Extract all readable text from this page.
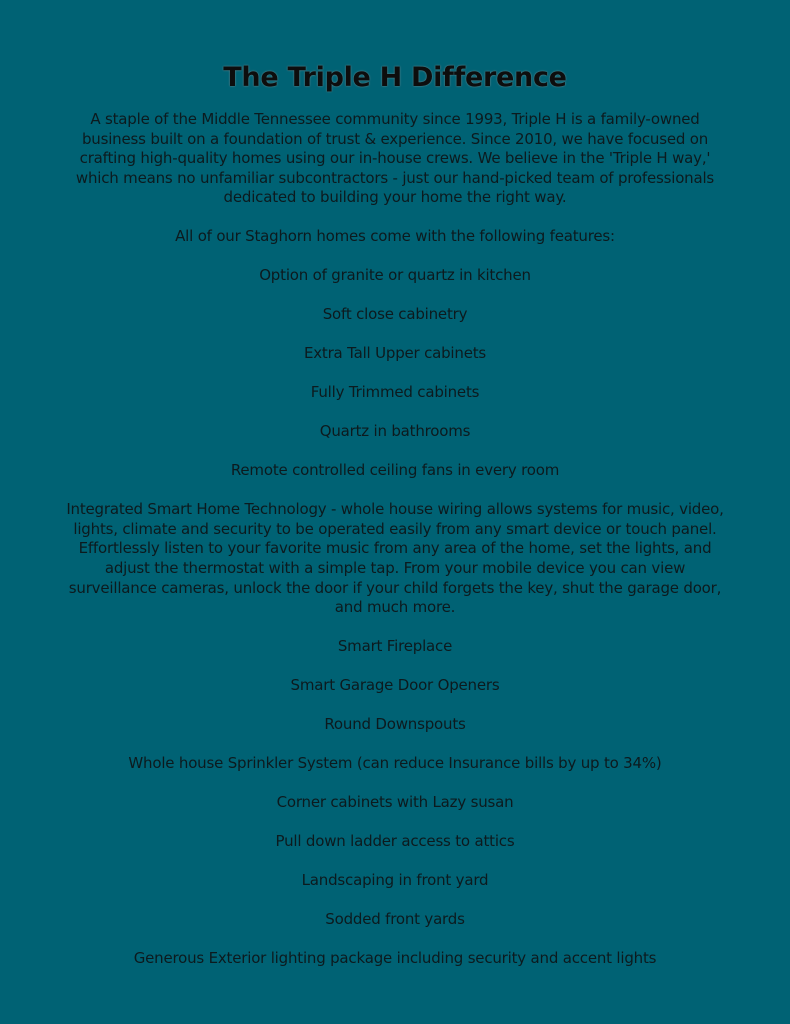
The Triple H Difference

A staple of the Middle Tennessee community since 1993, Triple H is a family-owned business built on a foundation of trust & experience. Since 2010, we have focused on crafting high-quality homes using our in-house crews. We believe in the 'Triple H way,' which means no unfamiliar subcontractors - just our hand-picked team of professionals dedicated to building your home the right way.

All of our Staghorn homes come with the following features:

Option of granite or quartz in kitchen

Soft close cabinetry

Extra Tall Upper cabinets

Fully Trimmed cabinets

Quartz in bathrooms

Remote controlled ceiling fans in every room

Integrated Smart Home Technology - whole house wiring allows systems for music, video, lights, climate and security to be operated easily from any smart device or touch panel. Effortlessly listen to your favorite music from any area of the home, set the lights, and adjust the thermostat with a simple tap. From your mobile device you can view surveillance cameras, unlock the door if your child forgets the key, shut the garage door, and much more.

Smart Fireplace

Smart Garage Door Openers

Round Downspouts

Whole house Sprinkler System (can reduce Insurance bills by up to 34%)

Corner cabinets with Lazy susan

Pull down ladder access to attics

Landscaping in front yard

Sodded front yards

Generous Exterior lighting package including security and accent lights
